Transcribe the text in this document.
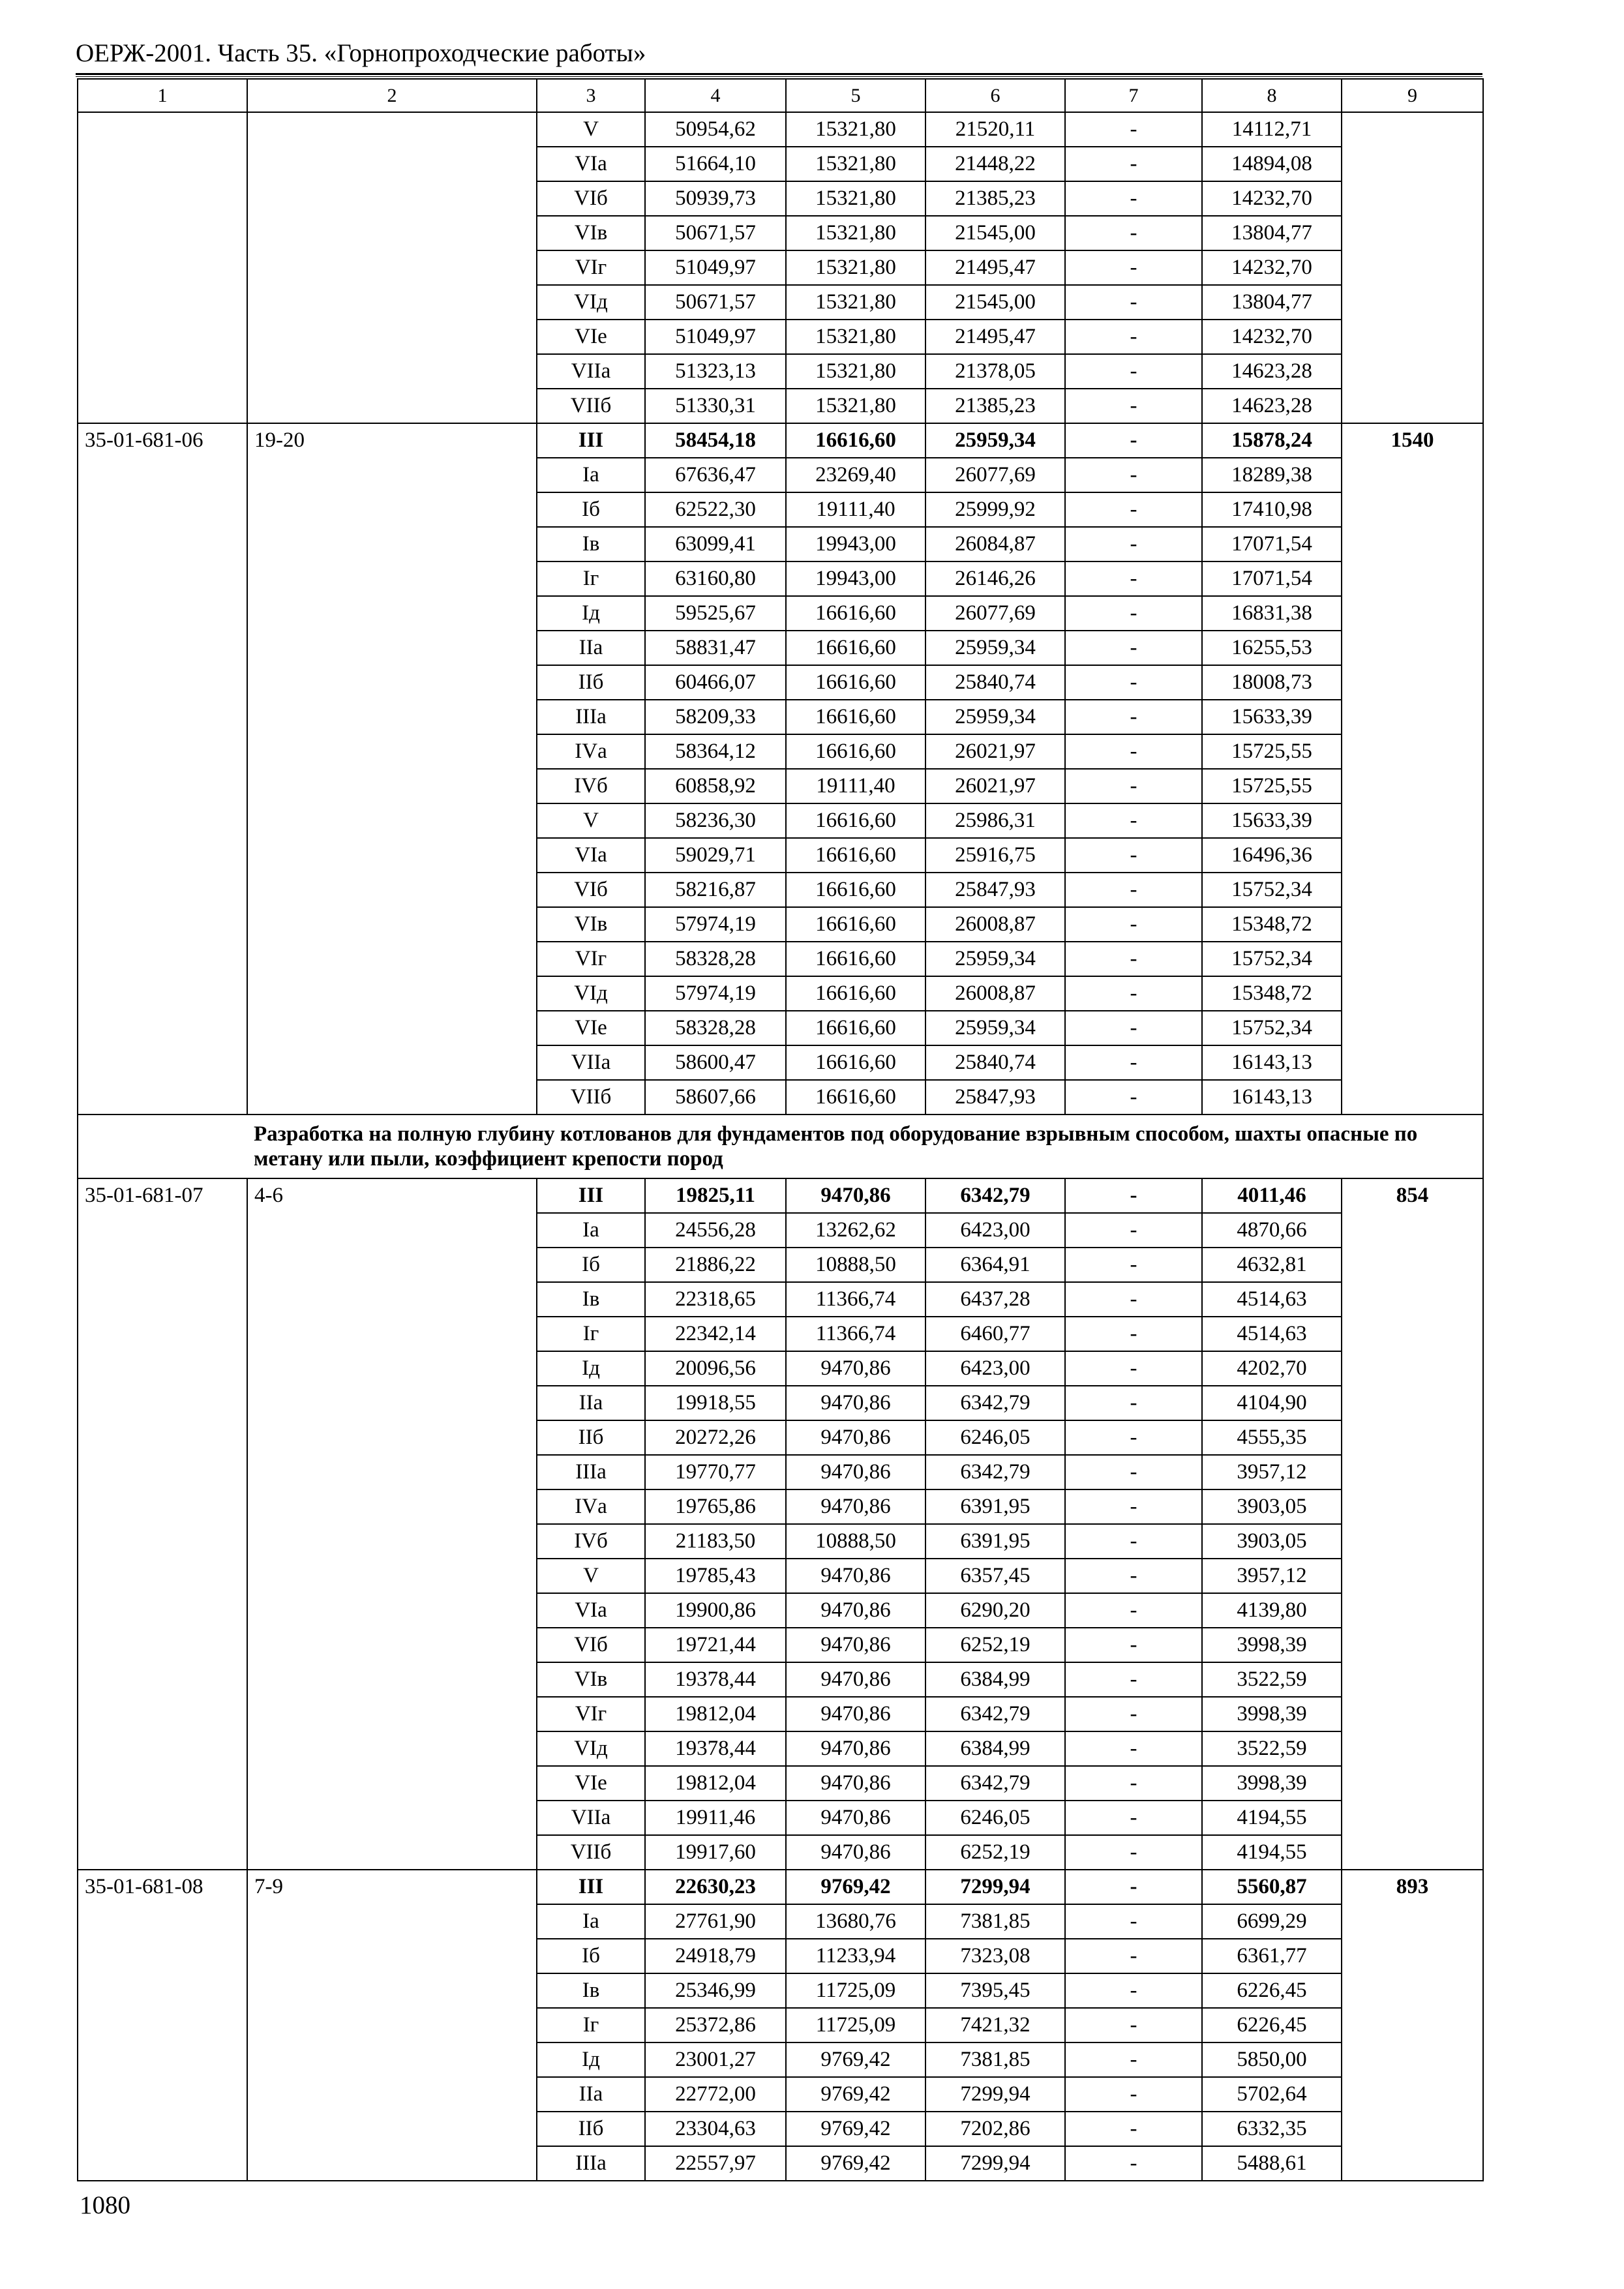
ОЕРЖ-2001. Часть 35. «Горнопроходческие работы»
1	2	3	4	5	6	7	8	9
		V	50954,62	15321,80	21520,11	-	14112,71	
		VIа	51664,10	15321,80	21448,22	-	14894,08	
		VIб	50939,73	15321,80	21385,23	-	14232,70	
		VIв	50671,57	15321,80	21545,00	-	13804,77	
		VIг	51049,97	15321,80	21495,47	-	14232,70	
		VIд	50671,57	15321,80	21545,00	-	13804,77	
		VIе	51049,97	15321,80	21495,47	-	14232,70	
		VIIа	51323,13	15321,80	21378,05	-	14623,28	
		VIIб	51330,31	15321,80	21385,23	-	14623,28	
35-01-681-06	19-20	III	58454,18	16616,60	25959,34	-	15878,24	1540
		Iа	67636,47	23269,40	26077,69	-	18289,38	
		Iб	62522,30	19111,40	25999,92	-	17410,98	
		Iв	63099,41	19943,00	26084,87	-	17071,54	
		Iг	63160,80	19943,00	26146,26	-	17071,54	
		Iд	59525,67	16616,60	26077,69	-	16831,38	
		IIа	58831,47	16616,60	25959,34	-	16255,53	
		IIб	60466,07	16616,60	25840,74	-	18008,73	
		IIIа	58209,33	16616,60	25959,34	-	15633,39	
		IVа	58364,12	16616,60	26021,97	-	15725,55	
		IVб	60858,92	19111,40	26021,97	-	15725,55	
		V	58236,30	16616,60	25986,31	-	15633,39	
		VIа	59029,71	16616,60	25916,75	-	16496,36	
		VIб	58216,87	16616,60	25847,93	-	15752,34	
		VIв	57974,19	16616,60	26008,87	-	15348,72	
		VIг	58328,28	16616,60	25959,34	-	15752,34	
		VIд	57974,19	16616,60	26008,87	-	15348,72	
		VIе	58328,28	16616,60	25959,34	-	15752,34	
		VIIа	58600,47	16616,60	25840,74	-	16143,13	
		VIIб	58607,66	16616,60	25847,93	-	16143,13	
	Разработка на полную глубину котлованов для фундаментов под оборудование взрывным способом, шахты опасные по метану или пыли, коэффициент крепости пород							
35-01-681-07	4-6	III	19825,11	9470,86	6342,79	-	4011,46	854
		Iа	24556,28	13262,62	6423,00	-	4870,66	
		Iб	21886,22	10888,50	6364,91	-	4632,81	
		Iв	22318,65	11366,74	6437,28	-	4514,63	
		Iг	22342,14	11366,74	6460,77	-	4514,63	
		Iд	20096,56	9470,86	6423,00	-	4202,70	
		IIа	19918,55	9470,86	6342,79	-	4104,90	
		IIб	20272,26	9470,86	6246,05	-	4555,35	
		IIIа	19770,77	9470,86	6342,79	-	3957,12	
		IVа	19765,86	9470,86	6391,95	-	3903,05	
		IVб	21183,50	10888,50	6391,95	-	3903,05	
		V	19785,43	9470,86	6357,45	-	3957,12	
		VIа	19900,86	9470,86	6290,20	-	4139,80	
		VIб	19721,44	9470,86	6252,19	-	3998,39	
		VIв	19378,44	9470,86	6384,99	-	3522,59	
		VIг	19812,04	9470,86	6342,79	-	3998,39	
		VIд	19378,44	9470,86	6384,99	-	3522,59	
		VIе	19812,04	9470,86	6342,79	-	3998,39	
		VIIа	19911,46	9470,86	6246,05	-	4194,55	
		VIIб	19917,60	9470,86	6252,19	-	4194,55	
35-01-681-08	7-9	III	22630,23	9769,42	7299,94	-	5560,87	893
		Iа	27761,90	13680,76	7381,85	-	6699,29	
		Iб	24918,79	11233,94	7323,08	-	6361,77	
		Iв	25346,99	11725,09	7395,45	-	6226,45	
		Iг	25372,86	11725,09	7421,32	-	6226,45	
		Iд	23001,27	9769,42	7381,85	-	5850,00	
		IIа	22772,00	9769,42	7299,94	-	5702,64	
		IIб	23304,63	9769,42	7202,86	-	6332,35	
		IIIа	22557,97	9769,42	7299,94	-	5488,61	
1080
